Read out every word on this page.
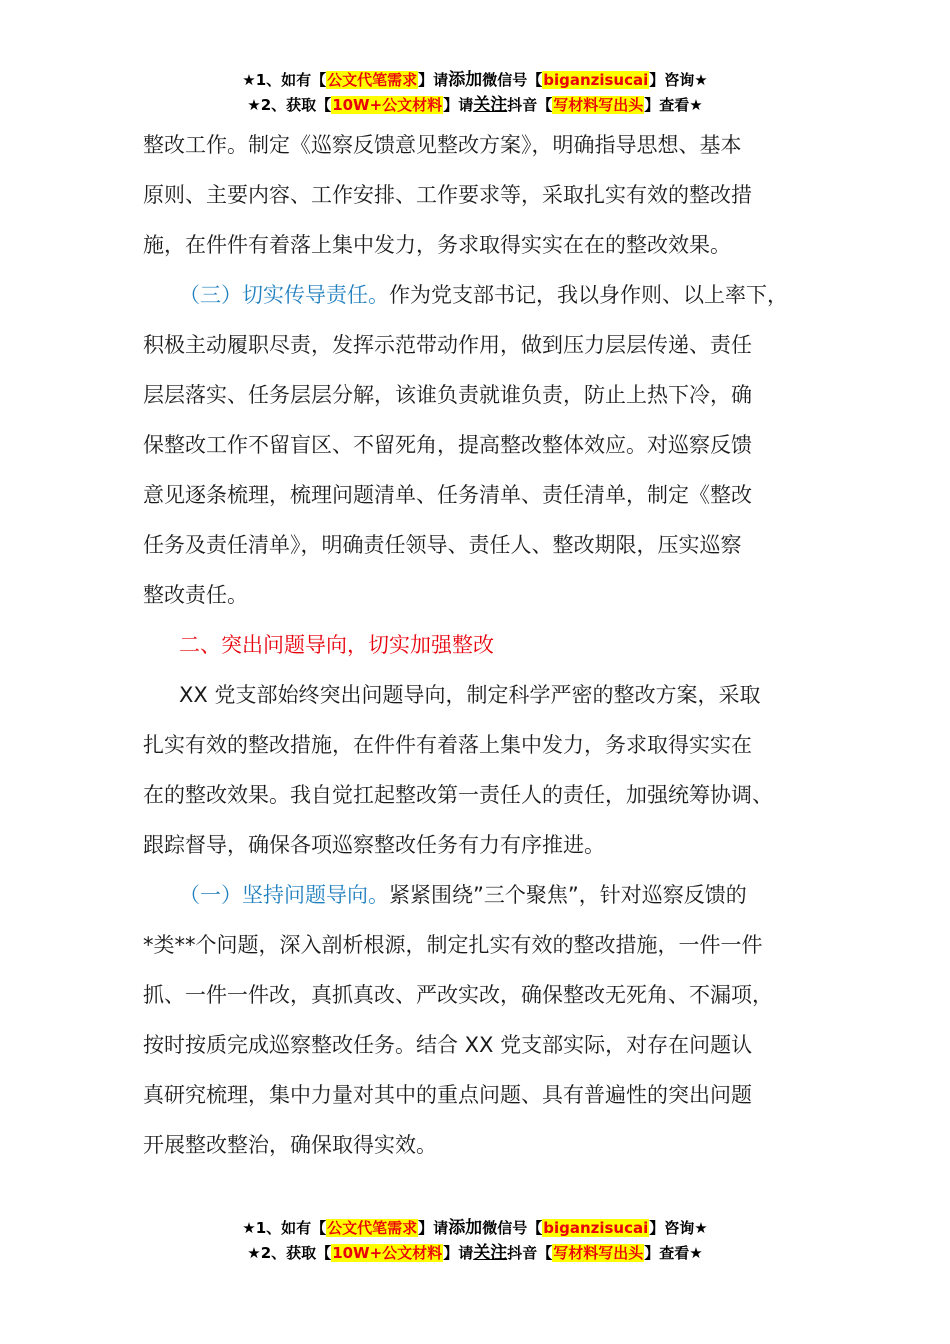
★1、如有【公文代笔需求】请添加微信号【biganzisucai】咨询★
★2、获取【10W+公文材料】请关注抖音【写材料写出头】查看★

整改工作。制定《巡察反馈意见整改方案》，明确指导思想、基本

原则、主要内容、工作安排、工作要求等，采取扎实有效的整改措

施，在件件有着落上集中发力，务求取得实实在在的整改效果。

（三）切实传导责任。作为党支部书记，我以身作则、以上率下，

积极主动履职尽责，发挥示范带动作用，做到压力层层传递、责任

层层落实、任务层层分解，该谁负责就谁负责，防止上热下冷，确

保整改工作不留盲区、不留死角，提高整改整体效应。对巡察反馈

意见逐条梳理，梳理问题清单、任务清单、责任清单，制定《整改

任务及责任清单》，明确责任领导、责任人、整改期限，压实巡察

整改责任。

二、突出问题导向，切实加强整改

XX 党支部始终突出问题导向，制定科学严密的整改方案，采取

扎实有效的整改措施，在件件有着落上集中发力，务求取得实实在

在的整改效果。我自觉扛起整改第一责任人的责任，加强统筹协调、

跟踪督导，确保各项巡察整改任务有力有序推进。

（一）坚持问题导向。紧紧围绕”三个聚焦”，针对巡察反馈的

*类**个问题，深入剖析根源，制定扎实有效的整改措施，一件一件

抓、一件一件改，真抓真改、严改实改，确保整改无死角、不漏项，

按时按质完成巡察整改任务。结合 XX 党支部实际，对存在问题认

真研究梳理，集中力量对其中的重点问题、具有普遍性的突出问题

开展整改整治，确保取得实效。

★1、如有【公文代笔需求】请添加微信号【biganzisucai】咨询★
★2、获取【10W+公文材料】请关注抖音【写材料写出头】查看★
